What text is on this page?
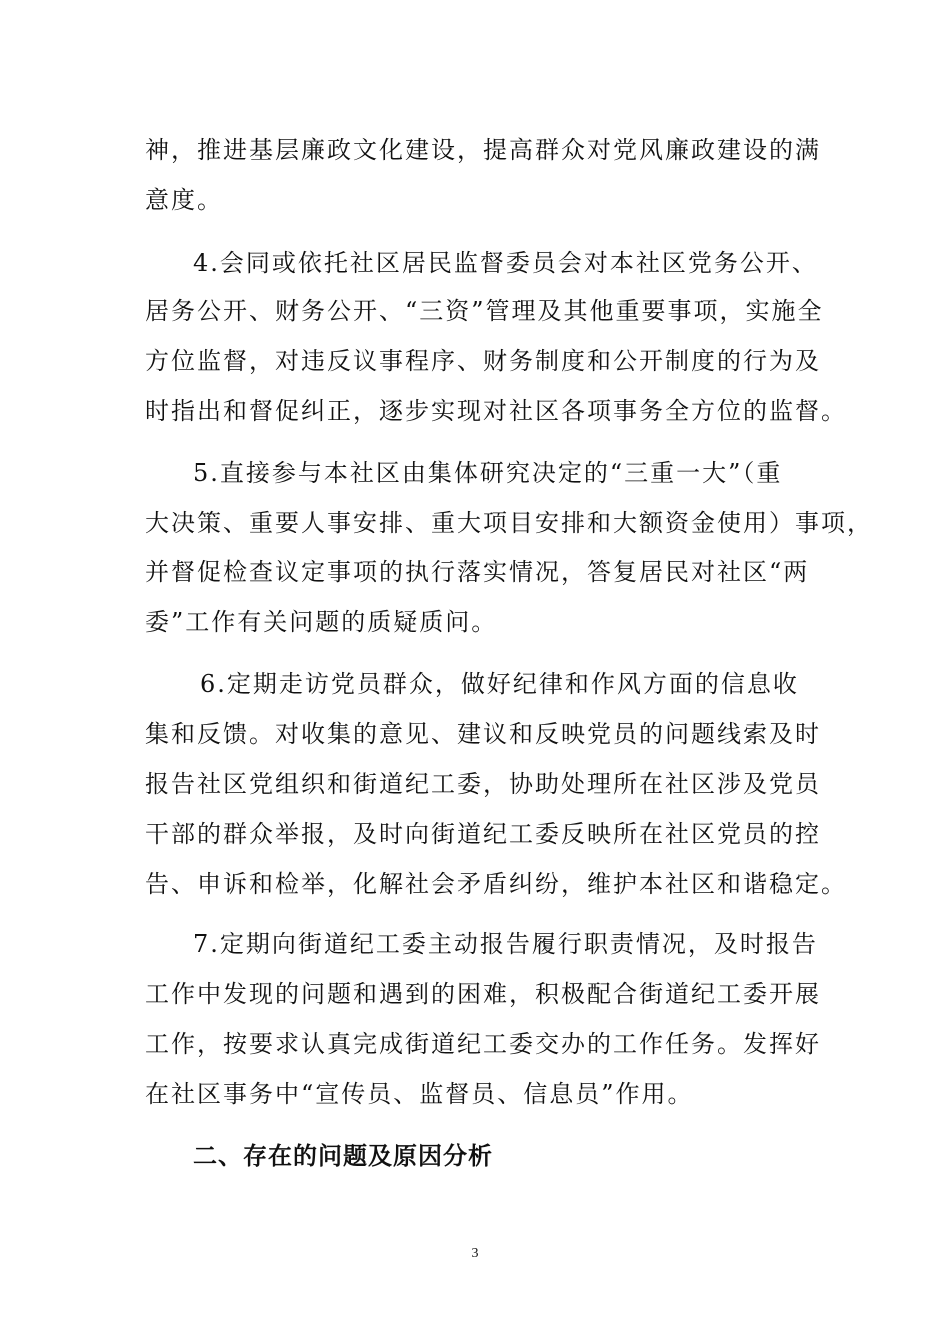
神，推进基层廉政文化建设，提高群众对党风廉政建设的满
意度。
4.会同或依托社区居民监督委员会对本社区党务公开、
居务公开、财务公开、“三资”管理及其他重要事项，实施全
方位监督，对违反议事程序、财务制度和公开制度的行为及
时指出和督促纠正，逐步实现对社区各项事务全方位的监督。
5.直接参与本社区由集体研究决定的“三重一大”（重
大决策、重要人事安排、重大项目安排和大额资金使用）事项，
并督促检查议定事项的执行落实情况，答复居民对社区“两
委”工作有关问题的质疑质问。
6.定期走访党员群众，做好纪律和作风方面的信息收
集和反馈。对收集的意见、建议和反映党员的问题线索及时
报告社区党组织和街道纪工委，协助处理所在社区涉及党员
干部的群众举报，及时向街道纪工委反映所在社区党员的控
告、申诉和检举，化解社会矛盾纠纷，维护本社区和谐稳定。
7.定期向街道纪工委主动报告履行职责情况，及时报告
工作中发现的问题和遇到的困难，积极配合街道纪工委开展
工作，按要求认真完成街道纪工委交办的工作任务。发挥好
在社区事务中“宣传员、监督员、信息员”作用。
二、存在的问题及原因分析
3
